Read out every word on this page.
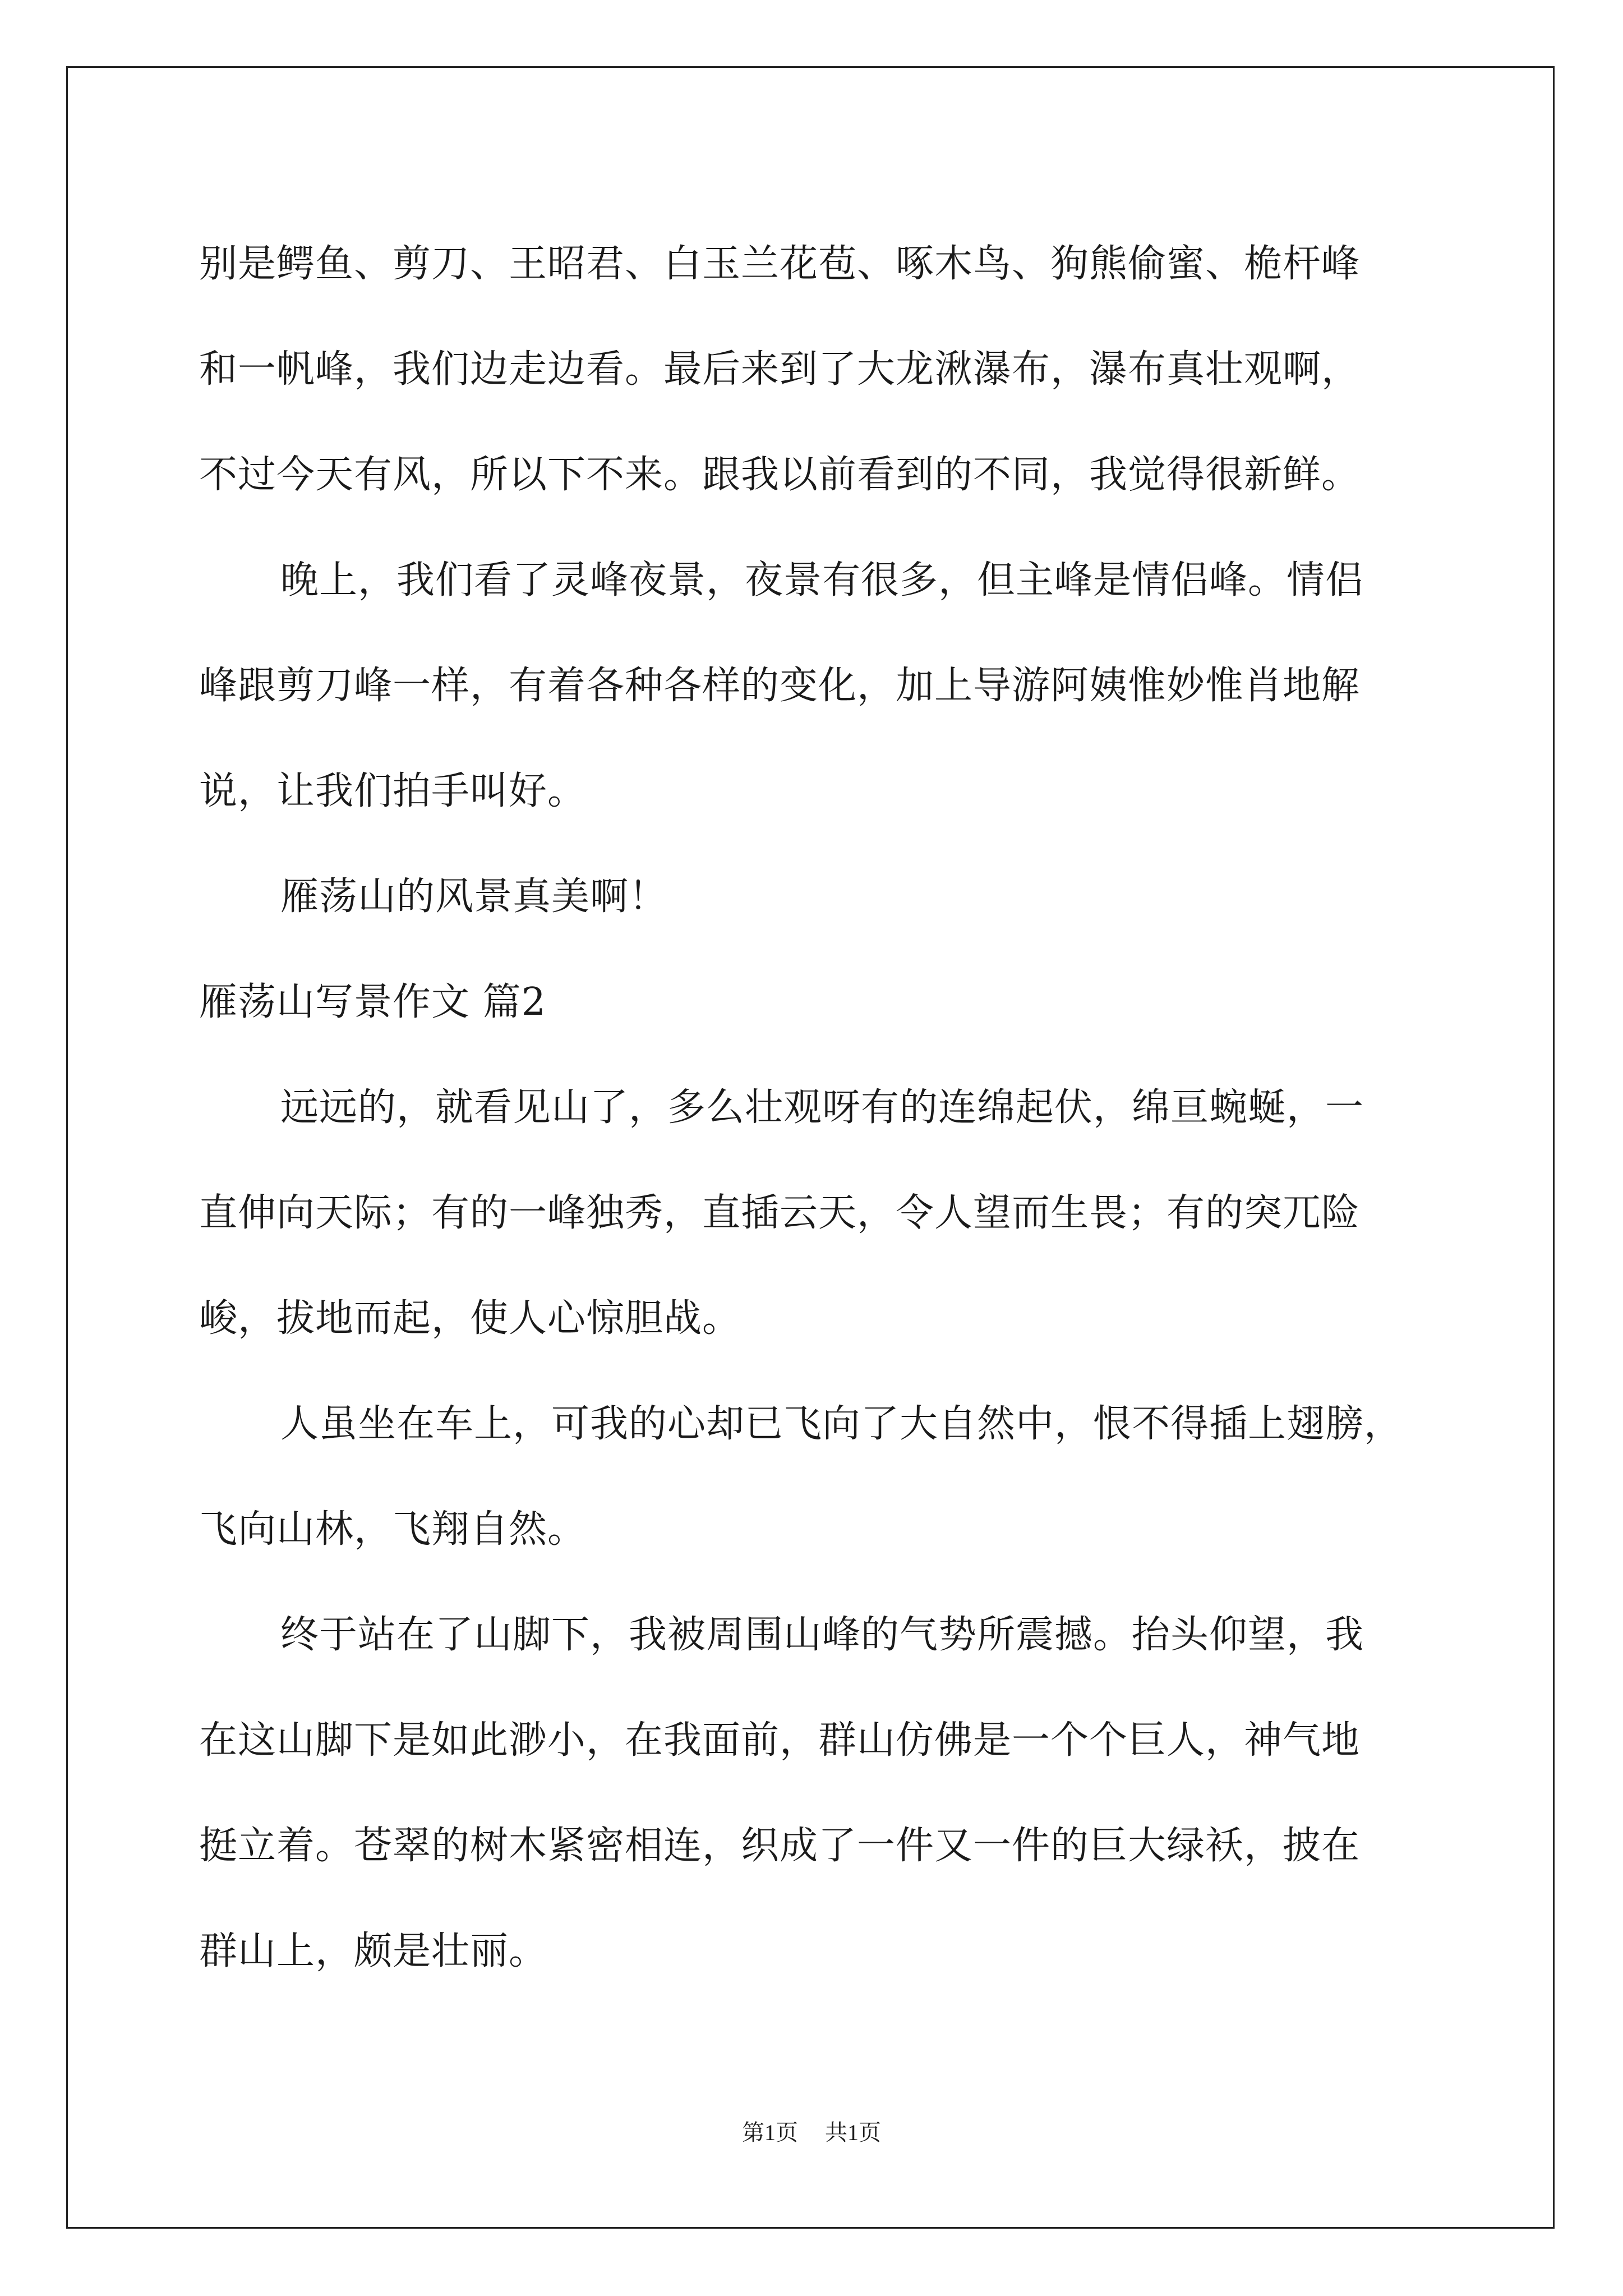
别是鳄鱼、剪刀、王昭君、白玉兰花苞、啄木鸟、狗熊偷蜜、桅杆峰
和一帆峰，我们边走边看。最后来到了大龙湫瀑布，瀑布真壮观啊，
不过今天有风，所以下不来。跟我以前看到的不同，我觉得很新鲜。
晚上，我们看了灵峰夜景，夜景有很多，但主峰是情侣峰。情侣
峰跟剪刀峰一样，有着各种各样的变化，加上导游阿姨惟妙惟肖地解
说，让我们拍手叫好。
雁荡山的风景真美啊！
雁荡山写景作文 篇2
远远的，就看见山了，多么壮观呀有的连绵起伏，绵亘蜿蜒，一
直伸向天际；有的一峰独秀，直插云天，令人望而生畏；有的突兀险
峻，拔地而起，使人心惊胆战。
人虽坐在车上，可我的心却已飞向了大自然中，恨不得插上翅膀，
飞向山林，飞翔自然。
终于站在了山脚下，我被周围山峰的气势所震撼。抬头仰望，我
在这山脚下是如此渺小，在我面前，群山仿佛是一个个巨人，神气地
挺立着。苍翠的树木紧密相连，织成了一件又一件的巨大绿袄，披在
群山上，颇是壮丽。
第1页 共1页
